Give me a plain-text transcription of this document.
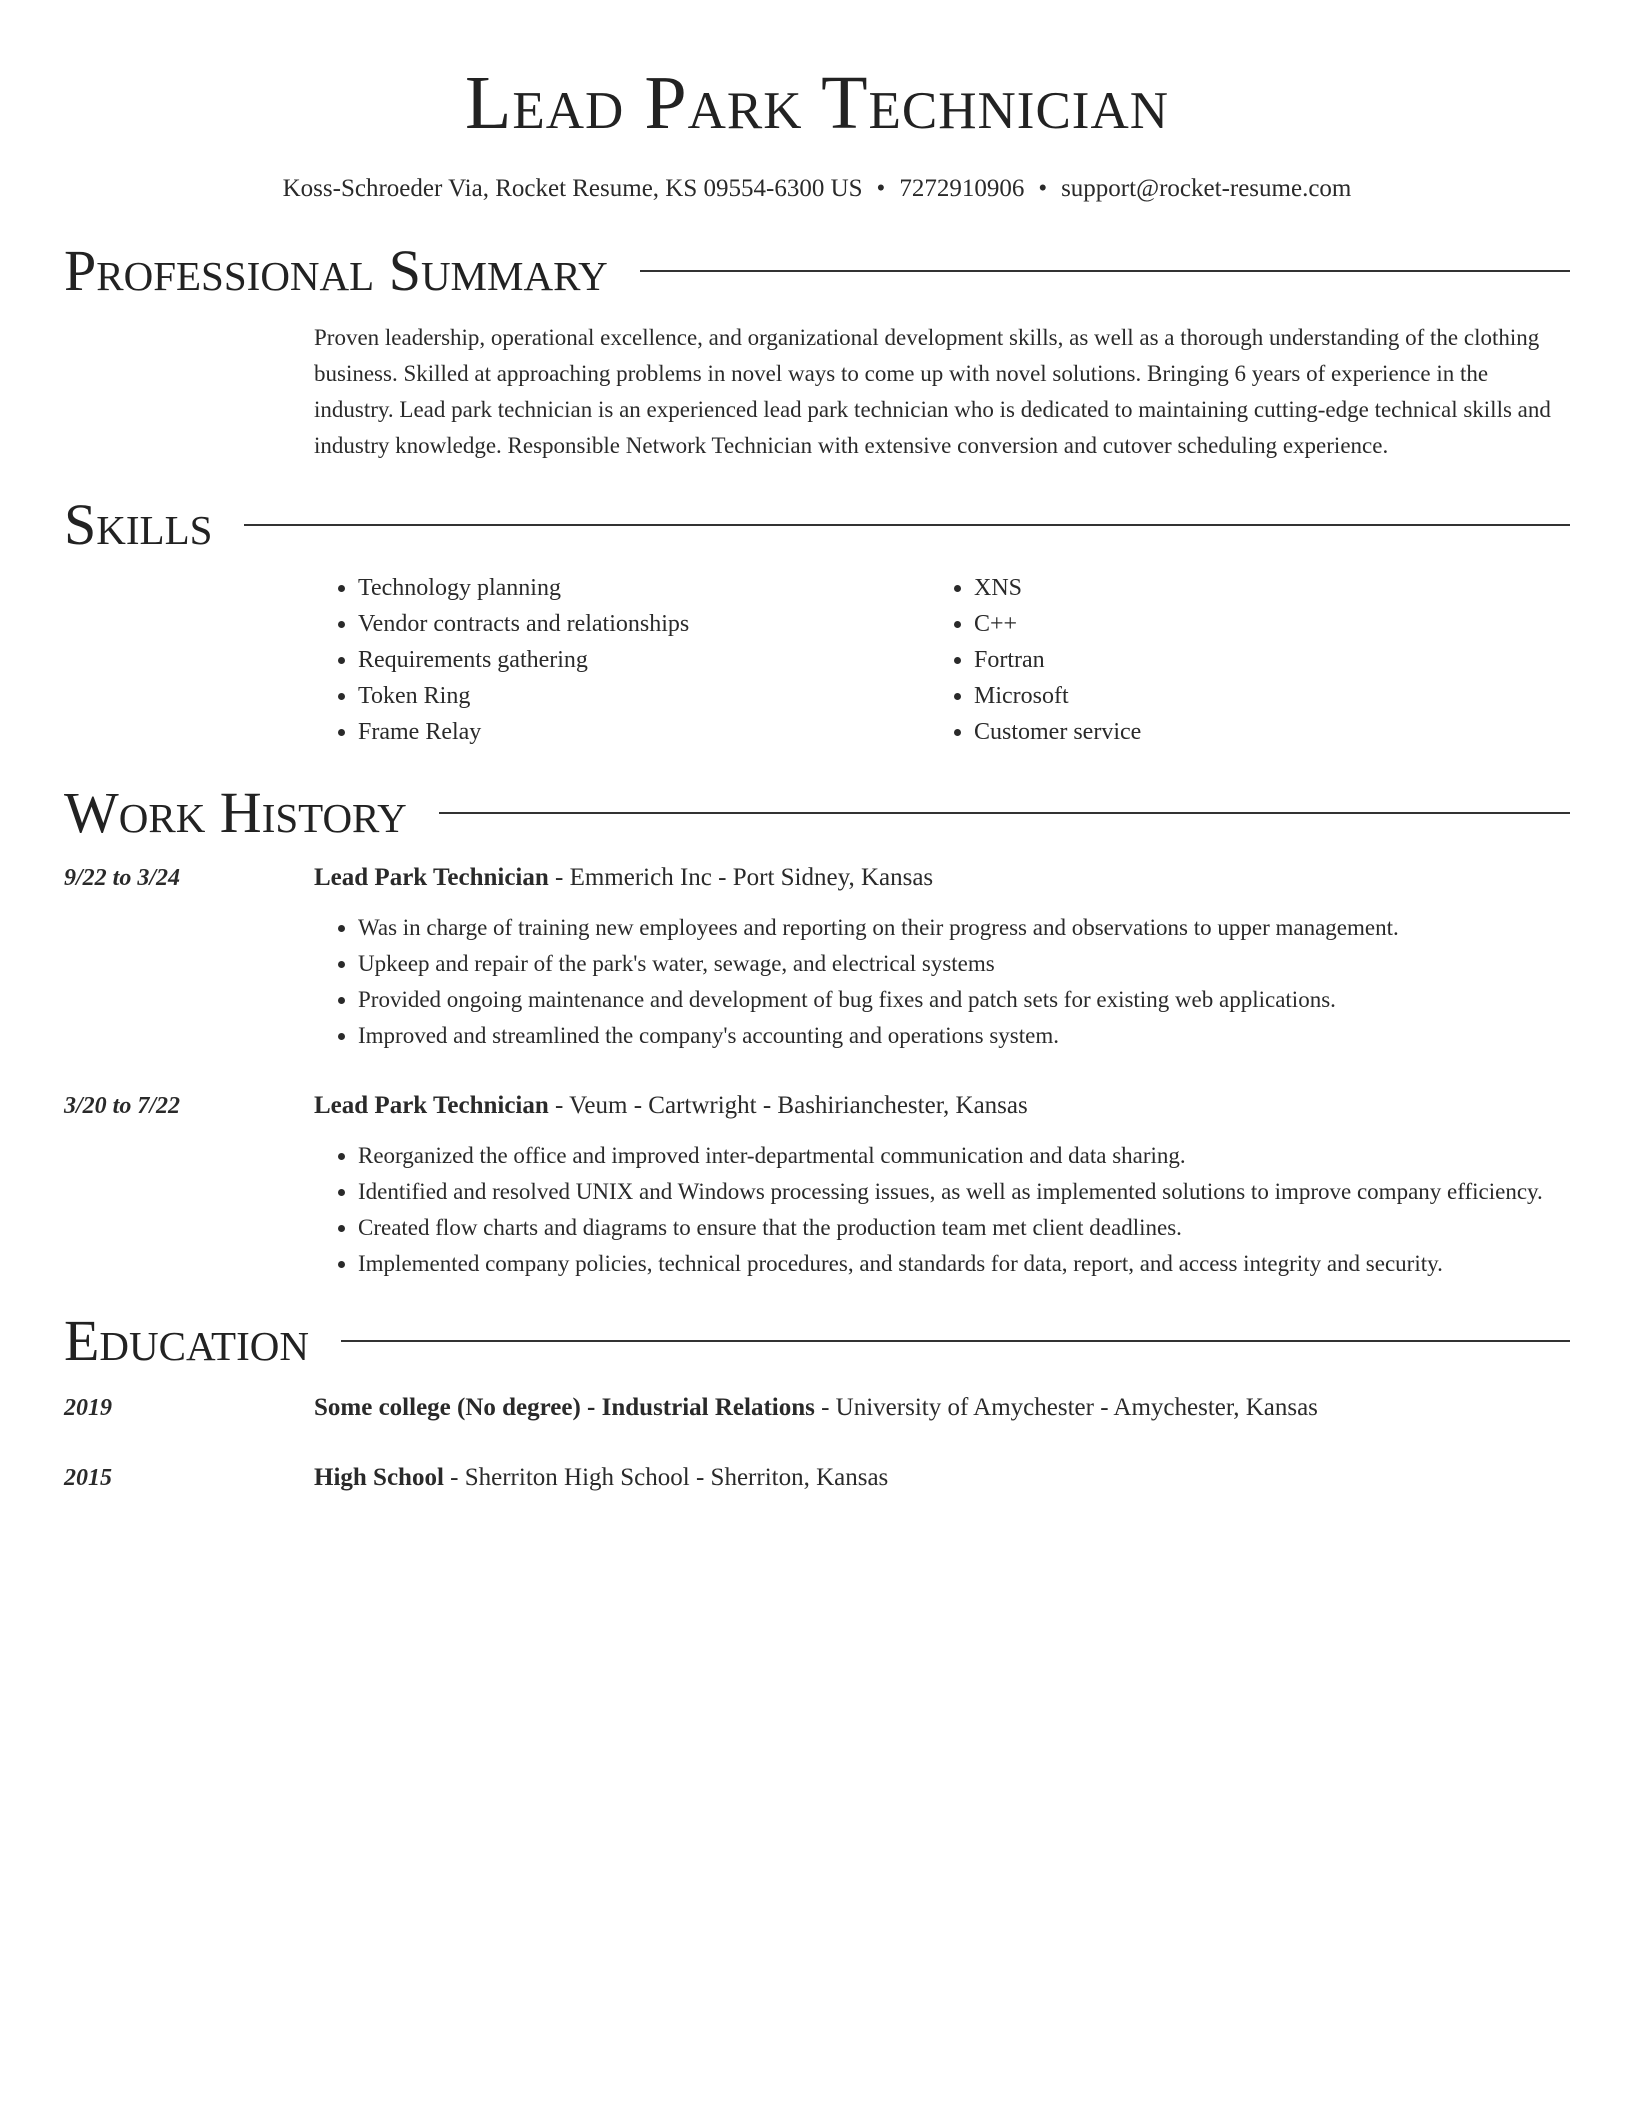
Lead Park Technician
Koss-Schroeder Via, Rocket Resume, KS 09554-6300 US • 7272910906 • support@rocket-resume.com
Professional Summary
Proven leadership, operational excellence, and organizational development skills, as well as a thorough understanding of the clothing business. Skilled at approaching problems in novel ways to come up with novel solutions. Bringing 6 years of experience in the industry. Lead park technician is an experienced lead park technician who is dedicated to maintaining cutting-edge technical skills and industry knowledge. Responsible Network Technician with extensive conversion and cutover scheduling experience.
Skills
• Technology planning
• Vendor contracts and relationships
• Requirements gathering
• Token Ring
• Frame Relay
• XNS
• C++
• Fortran
• Microsoft
• Customer service
Work History
9/22 to 3/24	Lead Park Technician - Emmerich Inc - Port Sidney, Kansas
• Was in charge of training new employees and reporting on their progress and observations to upper management.
• Upkeep and repair of the park's water, sewage, and electrical systems
• Provided ongoing maintenance and development of bug fixes and patch sets for existing web applications.
• Improved and streamlined the company's accounting and operations system.
3/20 to 7/22	Lead Park Technician - Veum - Cartwright - Bashirianchester, Kansas
• Reorganized the office and improved inter-departmental communication and data sharing.
• Identified and resolved UNIX and Windows processing issues, as well as implemented solutions to improve company efficiency.
• Created flow charts and diagrams to ensure that the production team met client deadlines.
• Implemented company policies, technical procedures, and standards for data, report, and access integrity and security.
Education
2019	Some college (No degree) - Industrial Relations - University of Amychester - Amychester, Kansas
2015	High School - Sherriton High School - Sherriton, Kansas
